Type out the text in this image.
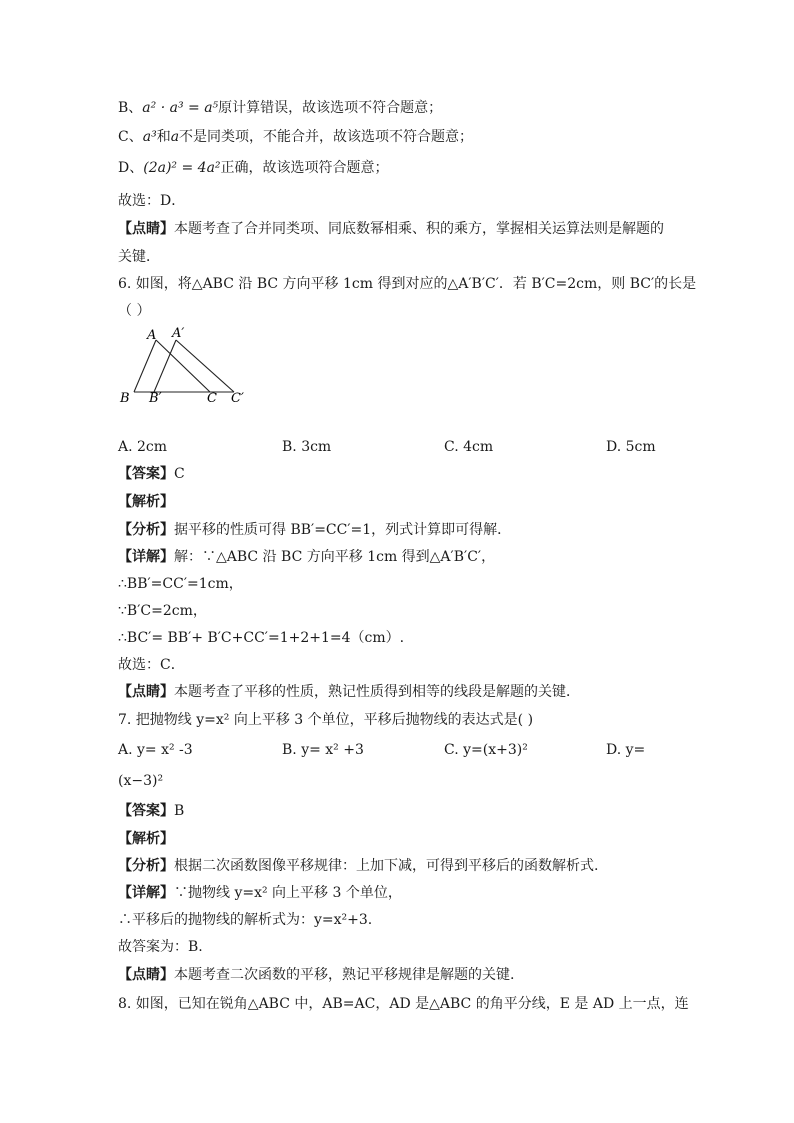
B、a² · a³ = a⁵原计算错误，故该选项不符合题意；
C、a³和a不是同类项，不能合并，故该选项不符合题意；
D、(2a)² = 4a²正确，故该选项符合题意；
故选：D．
【点睛】本题考查了合并同类项、同底数幂相乘、积的乘方，掌握相关运算法则是解题的
关键．
6. 如图，将△ABC 沿 BC 方向平移 1cm 得到对应的△A′B′C′．若 B′C=2cm，则 BC′的长是
（ ）
A A′
B B′	C C′
A. 2cm	B. 3cm	C. 4cm	D. 5cm
【答案】C
【解析】
【分析】据平移的性质可得 BB′=CC′=1，列式计算即可得解．
【详解】解：∵△ABC 沿 BC 方向平移 1cm 得到△A′B′C′，
∴BB′=CC′=1cm，
∵B′C=2cm，
∴BC′= BB′+ B′C+CC′=1+2+1=4（cm）.
故选：C．
【点睛】本题考查了平移的性质，熟记性质得到相等的线段是解题的关键．
7. 把抛物线 y=x² 向上平移 3 个单位，平移后抛物线的表达式是( )
A. y= x² -3	B. y= x² +3	C. y=(x+3)²	D. y=
(x−3)²
【答案】B
【解析】
【分析】根据二次函数图像平移规律：上加下减，可得到平移后的函数解析式.
【详解】∵抛物线 y=x² 向上平移 3 个单位，
∴平移后的抛物线的解析式为：y=x²+3.
故答案为：B.
【点睛】本题考查二次函数的平移，熟记平移规律是解题的关键.
8. 如图，已知在锐角△ABC 中，AB=AC，AD 是△ABC 的角平分线，E 是 AD 上一点，连
